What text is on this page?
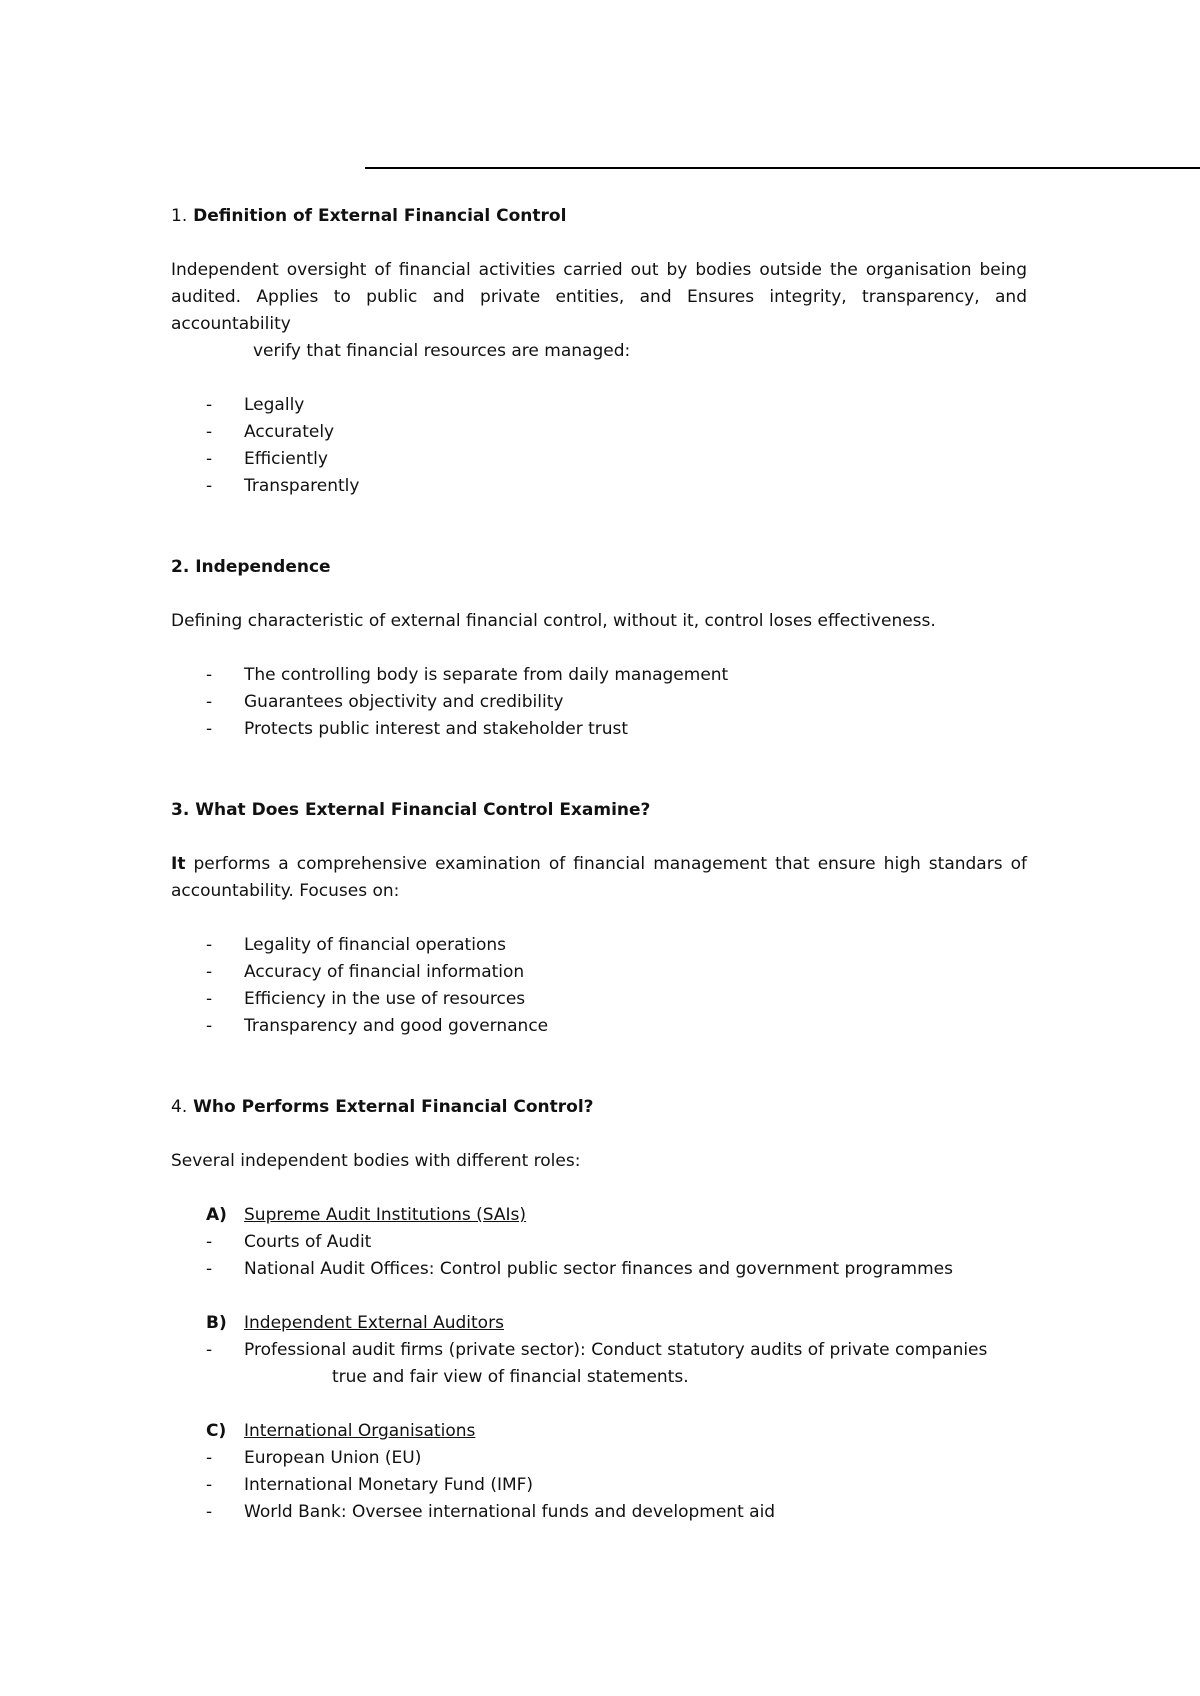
1. Definition of External Financial Control

Independent oversight of financial activities carried out by bodies outside the organisation being audited. Applies to public and private entities, and Ensures integrity, transparency, and accountability

verify that financial resources are managed:

- Legally
- Accurately
- Efficiently
- Transparently
2. Independence

Defining characteristic of external financial control, without it, control loses effectiveness.

- The controlling body is separate from daily management
- Guarantees objectivity and credibility
- Protects public interest and stakeholder trust
3. What Does External Financial Control Examine?

It performs a comprehensive examination of financial management that ensure high standars of accountability. Focuses on:

- Legality of financial operations
- Accuracy of financial information
- Efficiency in the use of resources
- Transparency and good governance
4. Who Performs External Financial Control?

Several independent bodies with different roles:

A) Supreme Audit Institutions (SAIs)
- Courts of Audit
- National Audit Offices: Control public sector finances and government programmes
B) Independent External Auditors
- Professional audit firms (private sector): Conduct statutory audits of private companies

true and fair view of financial statements.

C) International Organisations
- European Union (EU)
- International Monetary Fund (IMF)
- World Bank: Oversee international funds and development aid
